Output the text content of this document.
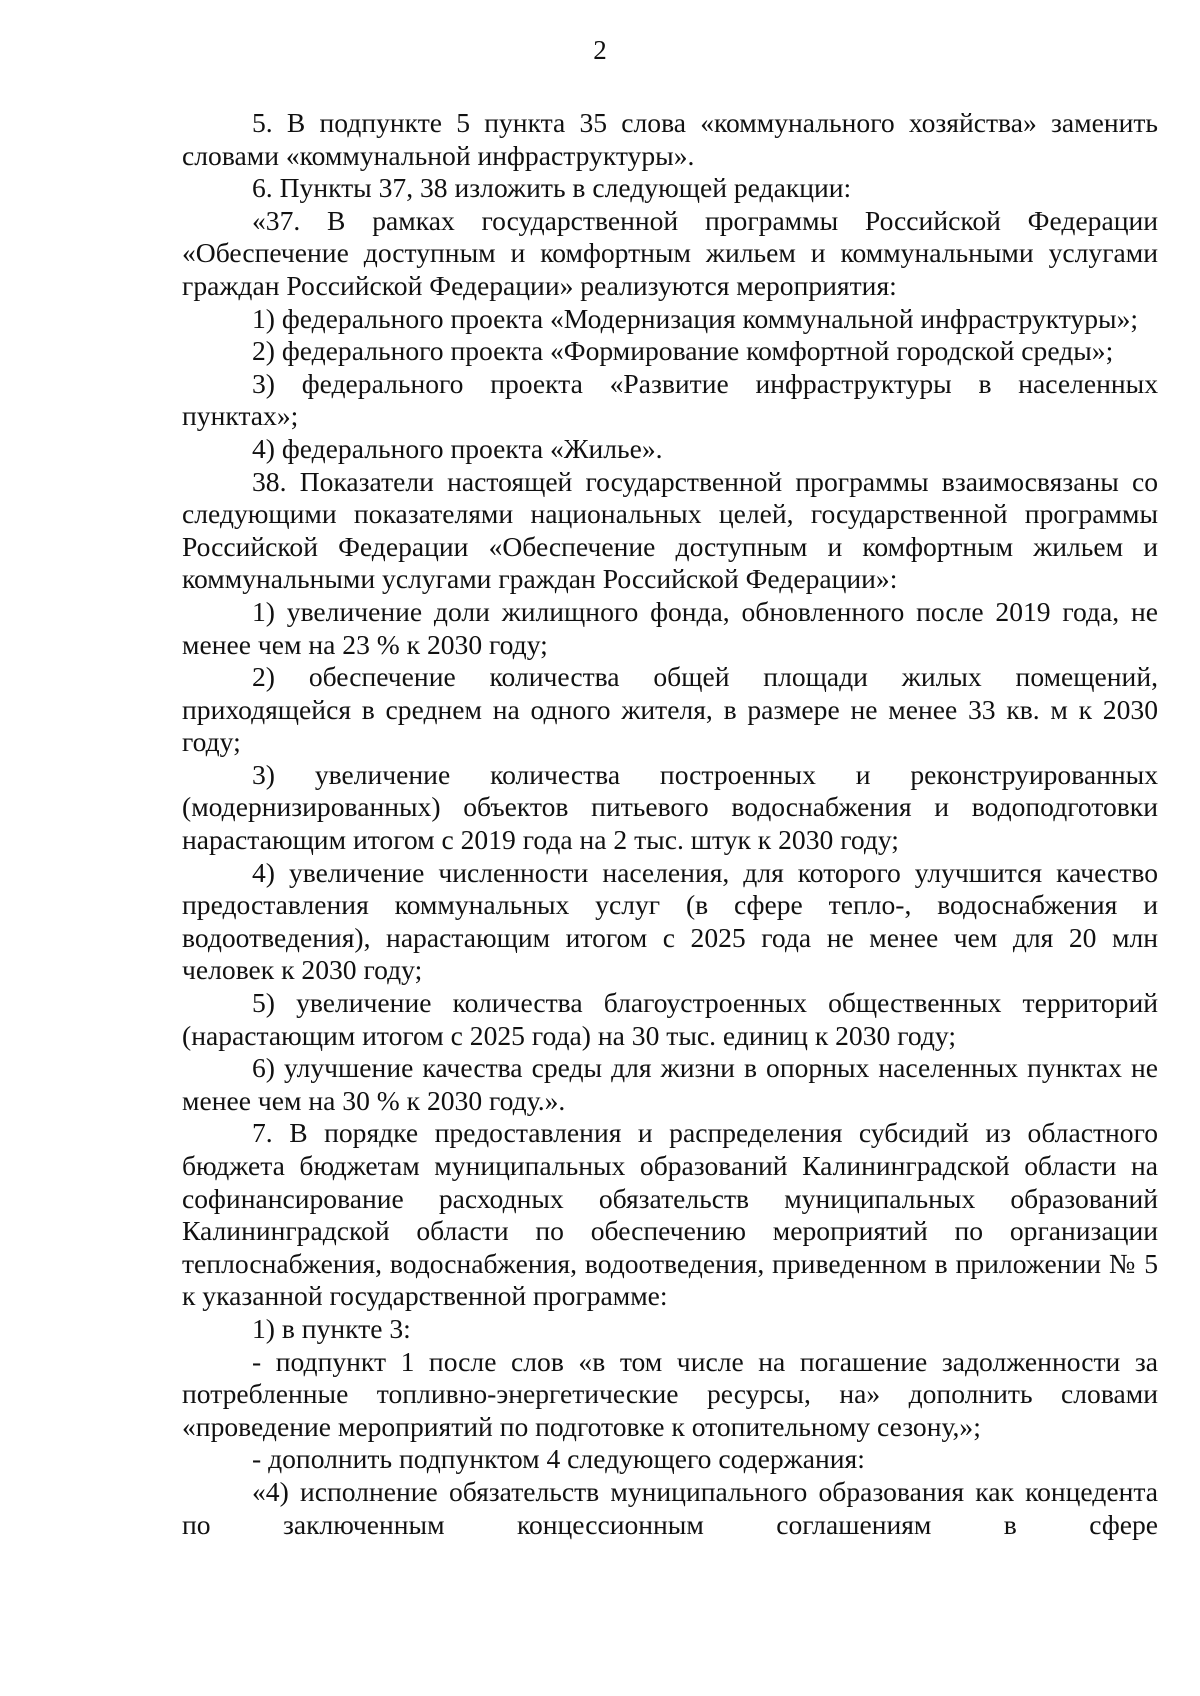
2

5. В подпункте 5 пункта 35 слова «коммунального хозяйства» заменить словами «коммунальной инфраструктуры».

6. Пункты 37, 38 изложить в следующей редакции:

«37. В рамках государственной программы Российской Федерации «Обеспечение доступным и комфортным жильем и коммунальными услугами граждан Российской Федерации» реализуются мероприятия:

1) федерального проекта «Модернизация коммунальной инфраструктуры»;

2) федерального проекта «Формирование комфортной городской среды»;

3) федерального проекта «Развитие инфраструктуры в населенных пунктах»;

4) федерального проекта «Жилье».

38. Показатели настоящей государственной программы взаимосвязаны со следующими показателями национальных целей, государственной программы Российской Федерации «Обеспечение доступным и комфортным жильем и коммунальными услугами граждан Российской Федерации»:

1) увеличение доли жилищного фонда, обновленного после 2019 года, не менее чем на 23 % к 2030 году;

2) обеспечение количества общей площади жилых помещений, приходящейся в среднем на одного жителя, в размере не менее 33 кв. м к 2030 году;

3) увеличение количества построенных и реконструированных (модернизированных) объектов питьевого водоснабжения и водоподготовки нарастающим итогом с 2019 года на 2 тыс. штук к 2030 году;

4) увеличение численности населения, для которого улучшится качество предоставления коммунальных услуг (в сфере тепло-, водоснабжения и водоотведения), нарастающим итогом с 2025 года не менее чем для 20 млн человек к 2030 году;

5) увеличение количества благоустроенных общественных территорий (нарастающим итогом с 2025 года) на 30 тыс. единиц к 2030 году;

6) улучшение качества среды для жизни в опорных населенных пунктах не менее чем на 30 % к 2030 году.».

7. В порядке предоставления и распределения субсидий из областного бюджета бюджетам муниципальных образований Калининградской области на софинансирование расходных обязательств муниципальных образований Калининградской области по обеспечению мероприятий по организации теплоснабжения, водоснабжения, водоотведения, приведенном в приложении № 5 к указанной государственной программе:

1) в пункте 3:

- подпункт 1 после слов «в том числе на погашение задолженности за потребленные топливно-энергетические ресурсы, на» дополнить словами «проведение мероприятий по подготовке к отопительному сезону,»;

- дополнить подпунктом 4 следующего содержания:

«4) исполнение обязательств муниципального образования как концедента по заключенным концессионным соглашениям в сфере
